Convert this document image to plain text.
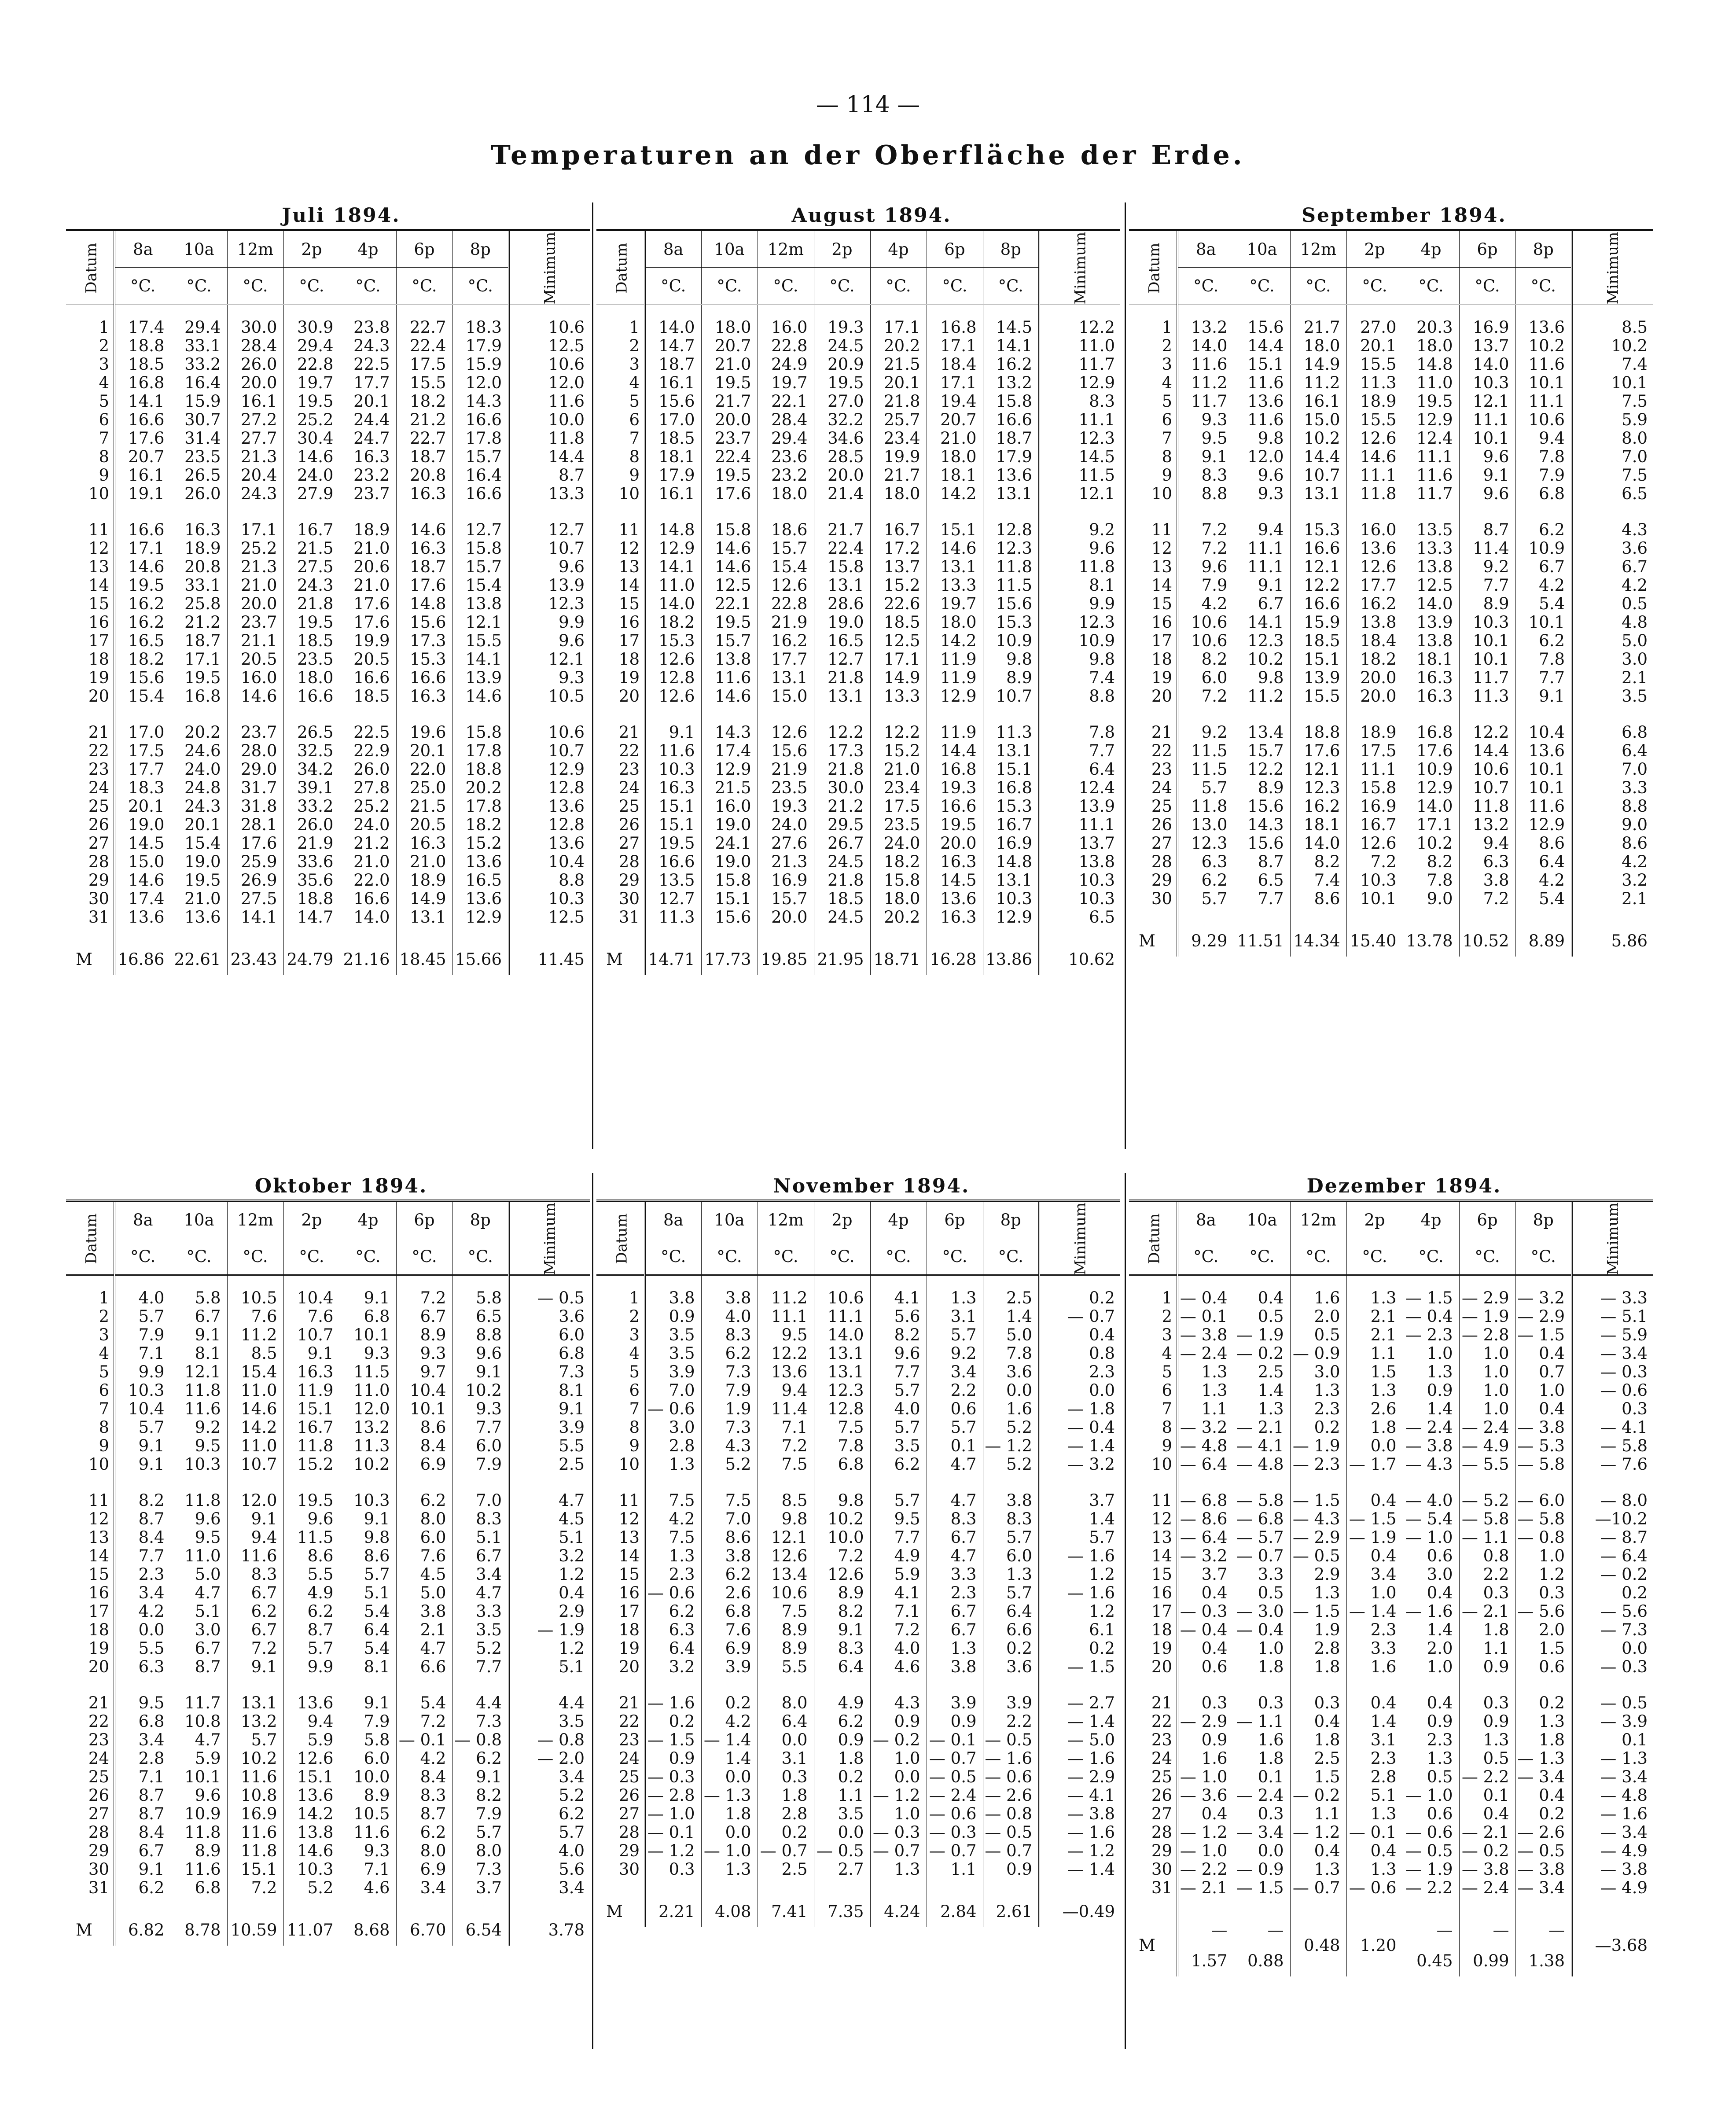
— 114 —
Temperaturen an der Oberfläche der Erde.
Juli 1894.
Datum	8a	10a	12m	2p	4p	6p	8p	Minimum
	°C.	°C.	°C.	°C.	°C.	°C.	°C.	

1	17.4	29.4	30.0	30.9	23.8	22.7	18.3	10.6
2	18.8	33.1	28.4	29.4	24.3	22.4	17.9	12.5
3	18.5	33.2	26.0	22.8	22.5	17.5	15.9	10.6
4	16.8	16.4	20.0	19.7	17.7	15.5	12.0	12.0
5	14.1	15.9	16.1	19.5	20.1	18.2	14.3	11.6
6	16.6	30.7	27.2	25.2	24.4	21.2	16.6	10.0
7	17.6	31.4	27.7	30.4	24.7	22.7	17.8	11.8
8	20.7	23.5	21.3	14.6	16.3	18.7	15.7	14.4
9	16.1	26.5	20.4	24.0	23.2	20.8	16.4	8.7
10	19.1	26.0	24.3	27.9	23.7	16.3	16.6	13.3

11	16.6	16.3	17.1	16.7	18.9	14.6	12.7	12.7
12	17.1	18.9	25.2	21.5	21.0	16.3	15.8	10.7
13	14.6	20.8	21.3	27.5	20.6	18.7	15.7	9.6
14	19.5	33.1	21.0	24.3	21.0	17.6	15.4	13.9
15	16.2	25.8	20.0	21.8	17.6	14.8	13.8	12.3
16	16.2	21.2	23.7	19.5	17.6	15.6	12.1	9.9
17	16.5	18.7	21.1	18.5	19.9	17.3	15.5	9.6
18	18.2	17.1	20.5	23.5	20.5	15.3	14.1	12.1
19	15.6	19.5	16.0	18.0	16.6	16.6	13.9	9.3
20	15.4	16.8	14.6	16.6	18.5	16.3	14.6	10.5

21	17.0	20.2	23.7	26.5	22.5	19.6	15.8	10.6
22	17.5	24.6	28.0	32.5	22.9	20.1	17.8	10.7
23	17.7	24.0	29.0	34.2	26.0	22.0	18.8	12.9
24	18.3	24.8	31.7	39.1	27.8	25.0	20.2	12.8
25	20.1	24.3	31.8	33.2	25.2	21.5	17.8	13.6
26	19.0	20.1	28.1	26.0	24.0	20.5	18.2	12.8
27	14.5	15.4	17.6	21.9	21.2	16.3	15.2	13.6
28	15.0	19.0	25.9	33.6	21.0	21.0	13.6	10.4
29	14.6	19.5	26.9	35.6	22.0	18.9	16.5	8.8
30	17.4	21.0	27.5	18.8	16.6	14.9	13.6	10.3
31	13.6	13.6	14.1	14.7	14.0	13.1	12.9	12.5

M	16.86	22.61	23.43	24.79	21.16	18.45	15.66	11.45
August 1894.
Datum	8a	10a	12m	2p	4p	6p	8p	Minimum
	°C.	°C.	°C.	°C.	°C.	°C.	°C.	

1	14.0	18.0	16.0	19.3	17.1	16.8	14.5	12.2
2	14.7	20.7	22.8	24.5	20.2	17.1	14.1	11.0
3	18.7	21.0	24.9	20.9	21.5	18.4	16.2	11.7
4	16.1	19.5	19.7	19.5	20.1	17.1	13.2	12.9
5	15.6	21.7	22.1	27.0	21.8	19.4	15.8	8.3
6	17.0	20.0	28.4	32.2	25.7	20.7	16.6	11.1
7	18.5	23.7	29.4	34.6	23.4	21.0	18.7	12.3
8	18.1	22.4	23.6	28.5	19.9	18.0	17.9	14.5
9	17.9	19.5	23.2	20.0	21.7	18.1	13.6	11.5
10	16.1	17.6	18.0	21.4	18.0	14.2	13.1	12.1

11	14.8	15.8	18.6	21.7	16.7	15.1	12.8	9.2
12	12.9	14.6	15.7	22.4	17.2	14.6	12.3	9.6
13	14.1	14.6	15.4	15.8	13.7	13.1	11.8	11.8
14	11.0	12.5	12.6	13.1	15.2	13.3	11.5	8.1
15	14.0	22.1	22.8	28.6	22.6	19.7	15.6	9.9
16	18.2	19.5	21.9	19.0	18.5	18.0	15.3	12.3
17	15.3	15.7	16.2	16.5	12.5	14.2	10.9	10.9
18	12.6	13.8	17.7	12.7	17.1	11.9	9.8	9.8
19	12.8	11.6	13.1	21.8	14.9	11.9	8.9	7.4
20	12.6	14.6	15.0	13.1	13.3	12.9	10.7	8.8

21	9.1	14.3	12.6	12.2	12.2	11.9	11.3	7.8
22	11.6	17.4	15.6	17.3	15.2	14.4	13.1	7.7
23	10.3	12.9	21.9	21.8	21.0	16.8	15.1	6.4
24	16.3	21.5	23.5	30.0	23.4	19.3	16.8	12.4
25	15.1	16.0	19.3	21.2	17.5	16.6	15.3	13.9
26	15.1	19.0	24.0	29.5	23.5	19.5	16.7	11.1
27	19.5	24.1	27.6	26.7	24.0	20.0	16.9	13.7
28	16.6	19.0	21.3	24.5	18.2	16.3	14.8	13.8
29	13.5	15.8	16.9	21.8	15.8	14.5	13.1	10.3
30	12.7	15.1	15.7	18.5	18.0	13.6	10.3	10.3
31	11.3	15.6	20.0	24.5	20.2	16.3	12.9	6.5

M	14.71	17.73	19.85	21.95	18.71	16.28	13.86	10.62
September 1894.
Datum	8a	10a	12m	2p	4p	6p	8p	Minimum
	°C.	°C.	°C.	°C.	°C.	°C.	°C.	

1	13.2	15.6	21.7	27.0	20.3	16.9	13.6	8.5
2	14.0	14.4	18.0	20.1	18.0	13.7	10.2	10.2
3	11.6	15.1	14.9	15.5	14.8	14.0	11.6	7.4
4	11.2	11.6	11.2	11.3	11.0	10.3	10.1	10.1
5	11.7	13.6	16.1	18.9	19.5	12.1	11.1	7.5
6	9.3	11.6	15.0	15.5	12.9	11.1	10.6	5.9
7	9.5	9.8	10.2	12.6	12.4	10.1	9.4	8.0
8	9.1	12.0	14.4	14.6	11.1	9.6	7.8	7.0
9	8.3	9.6	10.7	11.1	11.6	9.1	7.9	7.5
10	8.8	9.3	13.1	11.8	11.7	9.6	6.8	6.5

11	7.2	9.4	15.3	16.0	13.5	8.7	6.2	4.3
12	7.2	11.1	16.6	13.6	13.3	11.4	10.9	3.6
13	9.6	11.1	12.1	12.6	13.8	9.2	6.7	6.7
14	7.9	9.1	12.2	17.7	12.5	7.7	4.2	4.2
15	4.2	6.7	16.6	16.2	14.0	8.9	5.4	0.5
16	10.6	14.1	15.9	13.8	13.9	10.3	10.1	4.8
17	10.6	12.3	18.5	18.4	13.8	10.1	6.2	5.0
18	8.2	10.2	15.1	18.2	18.1	10.1	7.8	3.0
19	6.0	9.8	13.9	20.0	16.3	11.7	7.7	2.1
20	7.2	11.2	15.5	20.0	16.3	11.3	9.1	3.5

21	9.2	13.4	18.8	18.9	16.8	12.2	10.4	6.8
22	11.5	15.7	17.6	17.5	17.6	14.4	13.6	6.4
23	11.5	12.2	12.1	11.1	10.9	10.6	10.1	7.0
24	5.7	8.9	12.3	15.8	12.9	10.7	10.1	3.3
25	11.8	15.6	16.2	16.9	14.0	11.8	11.6	8.8
26	13.0	14.3	18.1	16.7	17.1	13.2	12.9	9.0
27	12.3	15.6	14.0	12.6	10.2	9.4	8.6	8.6
28	6.3	8.7	8.2	7.2	8.2	6.3	6.4	4.2
29	6.2	6.5	7.4	10.3	7.8	3.8	4.2	3.2
30	5.7	7.7	8.6	10.1	9.0	7.2	5.4	2.1

M	9.29	11.51	14.34	15.40	13.78	10.52	8.89	5.86
Oktober 1894.
Datum	8a	10a	12m	2p	4p	6p	8p	Minimum
	°C.	°C.	°C.	°C.	°C.	°C.	°C.	

1	4.0	5.8	10.5	10.4	9.1	7.2	5.8	— 0.5
2	5.7	6.7	7.6	7.6	6.8	6.7	6.5	3.6
3	7.9	9.1	11.2	10.7	10.1	8.9	8.8	6.0
4	7.1	8.1	8.5	9.1	9.3	9.3	9.6	6.8
5	9.9	12.1	15.4	16.3	11.5	9.7	9.1	7.3
6	10.3	11.8	11.0	11.9	11.0	10.4	10.2	8.1
7	10.4	11.6	14.6	15.1	12.0	10.1	9.3	9.1
8	5.7	9.2	14.2	16.7	13.2	8.6	7.7	3.9
9	9.1	9.5	11.0	11.8	11.3	8.4	6.0	5.5
10	9.1	10.3	10.7	15.2	10.2	6.9	7.9	2.5

11	8.2	11.8	12.0	19.5	10.3	6.2	7.0	4.7
12	8.7	9.6	9.1	9.6	9.1	8.0	8.3	4.5
13	8.4	9.5	9.4	11.5	9.8	6.0	5.1	5.1
14	7.7	11.0	11.6	8.6	8.6	7.6	6.7	3.2
15	2.3	5.0	8.3	5.5	5.7	4.5	3.4	1.2
16	3.4	4.7	6.7	4.9	5.1	5.0	4.7	0.4
17	4.2	5.1	6.2	6.2	5.4	3.8	3.3	2.9
18	0.0	3.0	6.7	8.7	6.4	2.1	3.5	— 1.9
19	5.5	6.7	7.2	5.7	5.4	4.7	5.2	1.2
20	6.3	8.7	9.1	9.9	8.1	6.6	7.7	5.1

21	9.5	11.7	13.1	13.6	9.1	5.4	4.4	4.4
22	6.8	10.8	13.2	9.4	7.9	7.2	7.3	3.5
23	3.4	4.7	5.7	5.9	5.8	— 0.1	— 0.8	— 0.8
24	2.8	5.9	10.2	12.6	6.0	4.2	6.2	— 2.0
25	7.1	10.1	11.6	15.1	10.0	8.4	9.1	3.4
26	8.7	9.6	10.8	13.6	8.9	8.3	8.2	5.2
27	8.7	10.9	16.9	14.2	10.5	8.7	7.9	6.2
28	8.4	11.8	11.6	13.8	11.6	6.2	5.7	5.7
29	6.7	8.9	11.8	14.6	9.3	8.0	8.0	4.0
30	9.1	11.6	15.1	10.3	7.1	6.9	7.3	5.6
31	6.2	6.8	7.2	5.2	4.6	3.4	3.7	3.4

M	6.82	8.78	10.59	11.07	8.68	6.70	6.54	3.78
November 1894.
Datum	8a	10a	12m	2p	4p	6p	8p	Minimum
	°C.	°C.	°C.	°C.	°C.	°C.	°C.	

1	3.8	3.8	11.2	10.6	4.1	1.3	2.5	0.2
2	0.9	4.0	11.1	11.1	5.6	3.1	1.4	— 0.7
3	3.5	8.3	9.5	14.0	8.2	5.7	5.0	0.4
4	3.5	6.2	12.2	13.1	9.6	9.2	7.8	0.8
5	3.9	7.3	13.6	13.1	7.7	3.4	3.6	2.3
6	7.0	7.9	9.4	12.3	5.7	2.2	0.0	0.0
7	— 0.6	1.9	11.4	12.8	4.0	0.6	1.6	— 1.8
8	3.0	7.3	7.1	7.5	5.7	5.7	5.2	— 0.4
9	2.8	4.3	7.2	7.8	3.5	0.1	— 1.2	— 1.4
10	1.3	5.2	7.5	6.8	6.2	4.7	5.2	— 3.2

11	7.5	7.5	8.5	9.8	5.7	4.7	3.8	3.7
12	4.2	7.0	9.8	10.2	9.5	8.3	8.3	1.4
13	7.5	8.6	12.1	10.0	7.7	6.7	5.7	5.7
14	1.3	3.8	12.6	7.2	4.9	4.7	6.0	— 1.6
15	2.3	6.2	13.4	12.6	5.9	3.3	1.3	1.2
16	— 0.6	2.6	10.6	8.9	4.1	2.3	5.7	— 1.6
17	6.2	6.8	7.5	8.2	7.1	6.7	6.4	1.2
18	6.3	7.6	8.9	9.1	7.2	6.7	6.6	6.1
19	6.4	6.9	8.9	8.3	4.0	1.3	0.2	0.2
20	3.2	3.9	5.5	6.4	4.6	3.8	3.6	— 1.5

21	— 1.6	0.2	8.0	4.9	4.3	3.9	3.9	— 2.7
22	0.2	4.2	6.4	6.2	0.9	0.9	2.2	— 1.4
23	— 1.5	— 1.4	0.0	0.9	— 0.2	— 0.1	— 0.5	— 5.0
24	0.9	1.4	3.1	1.8	1.0	— 0.7	— 1.6	— 1.6
25	— 0.3	0.0	0.3	0.2	0.0	— 0.5	— 0.6	— 2.9
26	— 2.8	— 1.3	1.8	1.1	— 1.2	— 2.4	— 2.6	— 4.1
27	— 1.0	1.8	2.8	3.5	1.0	— 0.6	— 0.8	— 3.8
28	— 0.1	0.0	0.2	0.0	— 0.3	— 0.3	— 0.5	— 1.6
29	— 1.2	— 1.0	— 0.7	— 0.5	— 0.7	— 0.7	— 0.7	— 1.2
30	0.3	1.3	2.5	2.7	1.3	1.1	0.9	— 1.4

M	2.21	4.08	7.41	7.35	4.24	2.84	2.61	—0.49
Dezember 1894.
Datum	8a	10a	12m	2p	4p	6p	8p	Minimum
	°C.	°C.	°C.	°C.	°C.	°C.	°C.	

1	— 0.4	0.4	1.6	1.3	— 1.5	— 2.9	— 3.2	— 3.3
2	— 0.1	0.5	2.0	2.1	— 0.4	— 1.9	— 2.9	— 5.1
3	— 3.8	— 1.9	0.5	2.1	— 2.3	— 2.8	— 1.5	— 5.9
4	— 2.4	— 0.2	— 0.9	1.1	1.0	1.0	0.4	— 3.4
5	1.3	2.5	3.0	1.5	1.3	1.0	0.7	— 0.3
6	1.3	1.4	1.3	1.3	0.9	1.0	1.0	— 0.6
7	1.1	1.3	2.3	2.6	1.4	1.0	0.4	0.3
8	— 3.2	— 2.1	0.2	1.8	— 2.4	— 2.4	— 3.8	— 4.1
9	— 4.8	— 4.1	— 1.9	0.0	— 3.8	— 4.9	— 5.3	— 5.8
10	— 6.4	— 4.8	— 2.3	— 1.7	— 4.3	— 5.5	— 5.8	— 7.6

11	— 6.8	— 5.8	— 1.5	0.4	— 4.0	— 5.2	— 6.0	— 8.0
12	— 8.6	— 6.8	— 4.3	— 1.5	— 5.4	— 5.8	— 5.8	—10.2
13	— 6.4	— 5.7	— 2.9	— 1.9	— 1.0	— 1.1	— 0.8	— 8.7
14	— 3.2	— 0.7	— 0.5	0.4	0.6	0.8	1.0	— 6.4
15	3.7	3.3	2.9	3.4	3.0	2.2	1.2	— 0.2
16	0.4	0.5	1.3	1.0	0.4	0.3	0.3	0.2
17	— 0.3	— 3.0	— 1.5	— 1.4	— 1.6	— 2.1	— 5.6	— 5.6
18	— 0.4	— 0.4	1.9	2.3	1.4	1.8	2.0	— 7.3
19	0.4	1.0	2.8	3.3	2.0	1.1	1.5	0.0
20	0.6	1.8	1.8	1.6	1.0	0.9	0.6	— 0.3

21	0.3	0.3	0.3	0.4	0.4	0.3	0.2	— 0.5
22	— 2.9	— 1.1	0.4	1.4	0.9	0.9	1.3	— 3.9
23	0.9	1.6	1.8	3.1	2.3	1.3	1.8	0.1
24	1.6	1.8	2.5	2.3	1.3	0.5	— 1.3	— 1.3
25	— 1.0	0.1	1.5	2.8	0.5	— 2.2	— 3.4	— 3.4
26	— 3.6	— 2.4	— 0.2	5.1	— 1.0	0.1	0.4	— 4.8
27	0.4	0.3	1.1	1.3	0.6	0.4	0.2	— 1.6
28	— 1.2	— 3.4	— 1.2	— 0.1	— 0.6	— 2.1	— 2.6	— 3.4
29	— 1.0	0.0	0.4	0.4	— 0.5	— 0.2	— 0.5	— 4.9
30	— 2.2	— 0.9	1.3	1.3	— 1.9	— 3.8	— 3.8	— 3.8
31	— 2.1	— 1.5	— 0.7	— 0.6	— 2.2	— 2.4	— 3.4	— 4.9

M	—1.57	—0.88	0.48	1.20	—0.45	—0.99	—1.38	—3.68
